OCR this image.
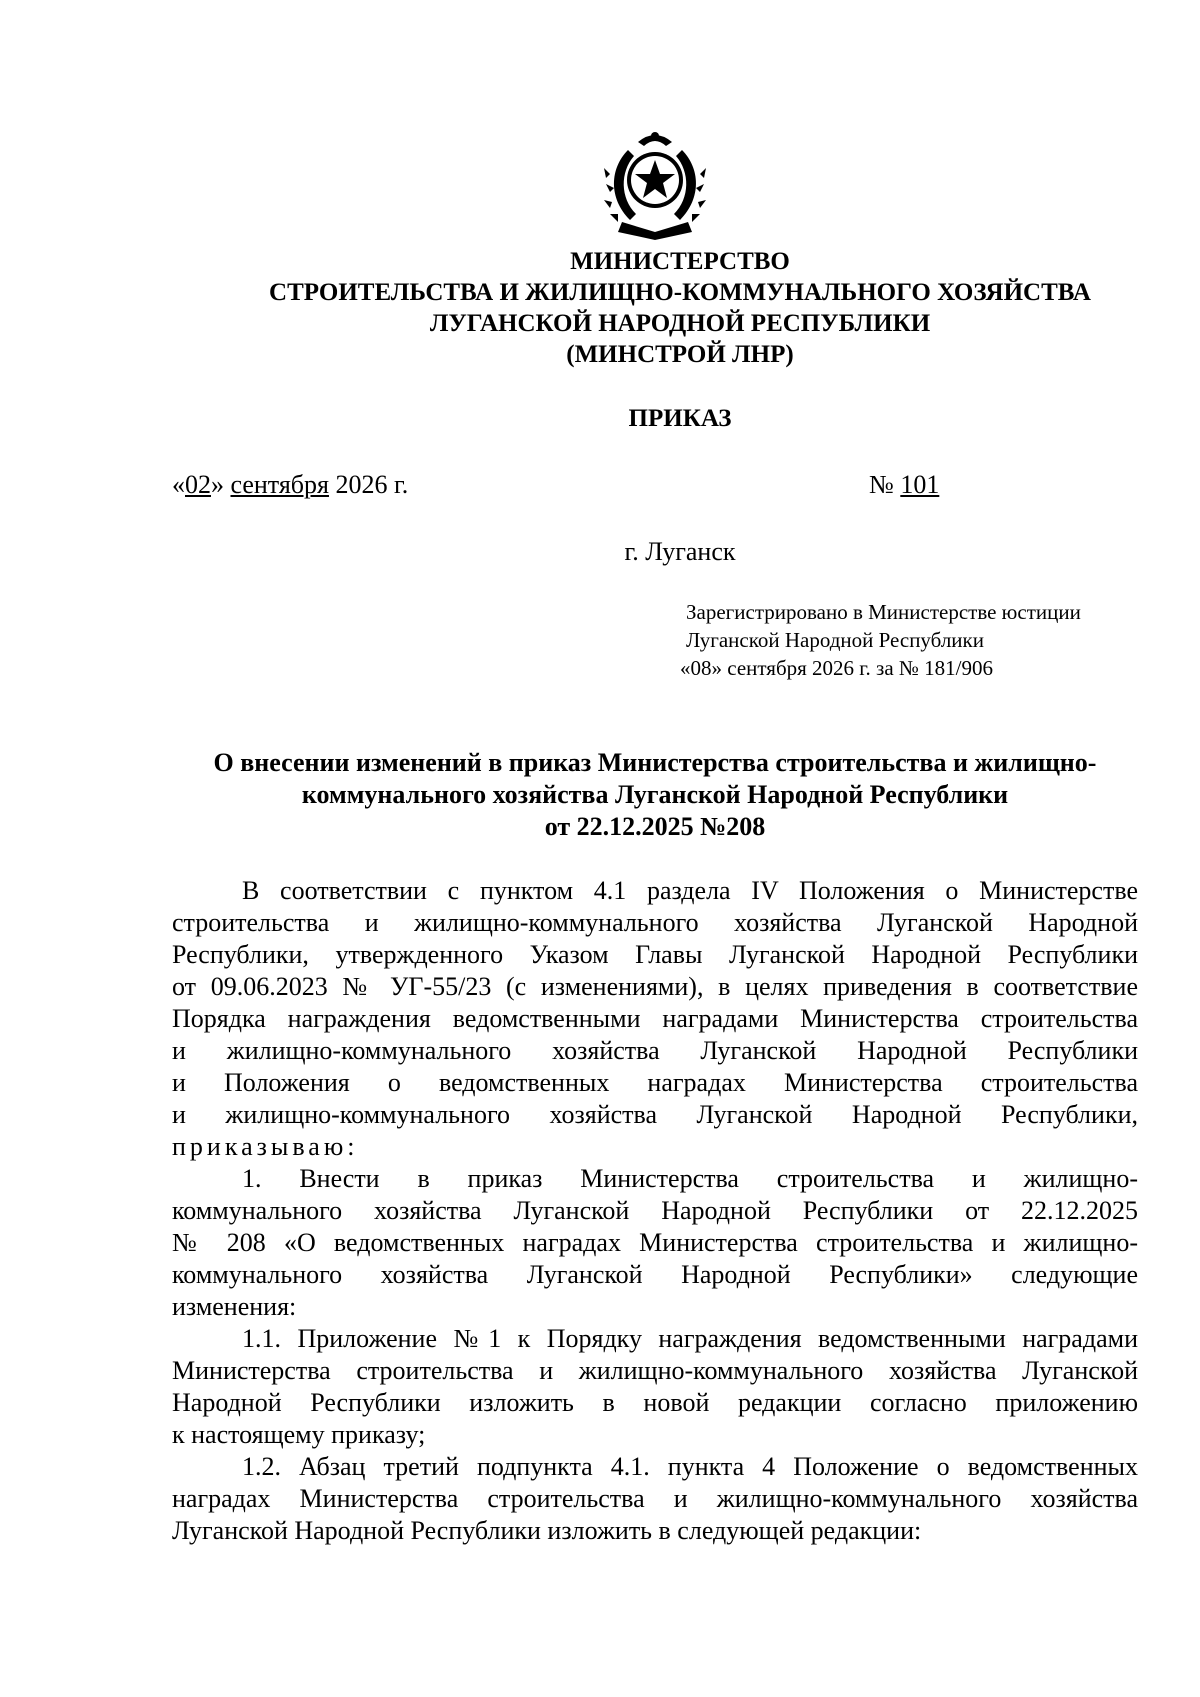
МИНИСТЕРСТВО
СТРОИТЕЛЬСТВА И ЖИЛИЩНО-КОММУНАЛЬНОГО ХОЗЯЙСТВА
ЛУГАНСКОЙ НАРОДНОЙ РЕСПУБЛИКИ
(МИНСТРОЙ ЛНР)
ПРИКАЗ
«02» сентября 2026 г.	№ 101
г. Луганск
Зарегистрировано в Министерстве юстиции
Луганской Народной Республики
«08» сентября 2026 г. за № 181/906
О внесении изменений в приказ Министерства строительства и жилищно-
коммунального хозяйства Луганской Народной Республики
от 22.12.2025 №208
В соответствии с пунктом 4.1 раздела IV Положения о Министерстве
строительства и жилищно-коммунального хозяйства Луганской Народной
Республики, утвержденного Указом Главы Луганской Народной Республики
от 09.06.2023 № УГ-55/23 (с изменениями), в целях приведения в соответствие
Порядка награждения ведомственными наградами Министерства строительства
и жилищно-коммунального хозяйства Луганской Народной Республики
и Положения о ведомственных наградах Министерства строительства
и жилищно-коммунального хозяйства Луганской Народной Республики,
приказываю:
1. Внести в приказ Министерства строительства и жилищно-
коммунального хозяйства Луганской Народной Республики от 22.12.2025
№ 208 «О ведомственных наградах Министерства строительства и жилищно-
коммунального хозяйства Луганской Народной Республики» следующие
изменения:
1.1. Приложение №1 к Порядку награждения ведомственными наградами
Министерства строительства и жилищно-коммунального хозяйства Луганской
Народной Республики изложить в новой редакции согласно приложению
к настоящему приказу;
1.2. Абзац третий подпункта 4.1. пункта 4 Положение о ведомственных
наградах Министерства строительства и жилищно-коммунального хозяйства
Луганской Народной Республики изложить в следующей редакции:
